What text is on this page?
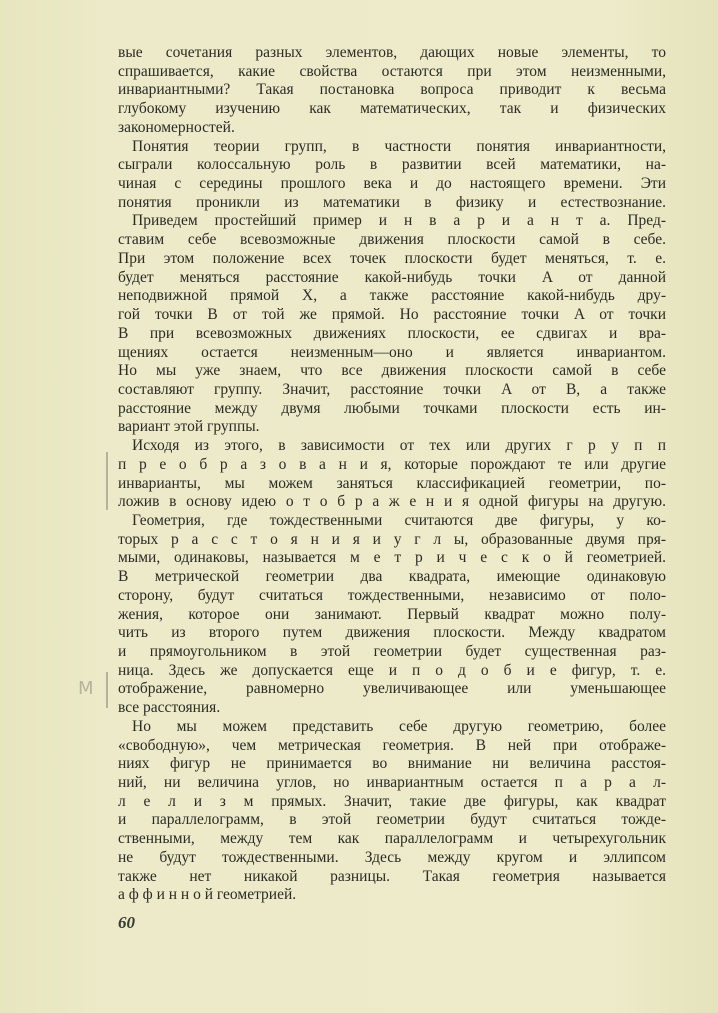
Μ
вые сочетания разных элементов, дающих новые элементы, то
спрашивается, какие свойства остаются при этом неизменными,
инвариантными? Такая постановка вопроса приводит к весьма
глубокому изучению как математических, так и физических
закономерностей.
Понятия теории групп, в частности понятия инвариантности,
сыграли колоссальную роль в развитии всей математики, на-
чиная с середины прошлого века и до настоящего времени. Эти
понятия проникли из математики в физику и естествознание.
Приведем простейший пример и н в а р и а н т а. Пред-
ставим себе всевозможные движения плоскости самой в себе.
При этом положение всех точек плоскости будет меняться, т. е.
будет меняться расстояние какой-нибудь точки A от данной
неподвижной прямой X, а также расстояние какой-нибудь дру-
гой точки B от той же прямой. Но расстояние точки A от точки
B при всевозможных движениях плоскости, ее сдвигах и вра-
щениях остается неизменным—оно и является инвариантом.
Но мы уже знаем, что все движения плоскости самой в себе
составляют группу. Значит, расстояние точки A от B, а также
расстояние между двумя любыми точками плоскости есть ин-
вариант этой группы.
Исходя из этого, в зависимости от тех или других г р у п п
п р е о б р а з о в а н и я, которые порождают те или другие
инварианты, мы можем заняться классификацией геометрии, по-
ложив в основу идею о т о б р а ж е н и я одной фигуры на другую.
Геометрия, где тождественными считаются две фигуры, у ко-
торых р а с с т о я н и я и у г л ы, образованные двумя пря-
мыми, одинаковы, называется м е т р и ч е с к о й геометрией.
В метрической геометрии два квадрата, имеющие одинаковую
сторону, будут считаться тождественными, независимо от поло-
жения, которое они занимают. Первый квадрат можно полу-
чить из второго путем движения плоскости. Между квадратом
и прямоугольником в этой геометрии будет существенная раз-
ница. Здесь же допускается еще и п о д о б и е фигур, т. е.
отображение, равномерно увеличивающее или уменьшающее
все расстояния.
Но мы можем представить себе другую геометрию, более
«свободную», чем метрическая геометрия. В ней при отображе-
ниях фигур не принимается во внимание ни величина расстоя-
ний, ни величина углов, но инвариантным остается п а р а л-
л е л и з м прямых. Значит, такие две фигуры, как квадрат
и параллелограмм, в этой геометрии будут считаться тожде-
ственными, между тем как параллелограмм и четырехугольник
не будут тождественными. Здесь между кругом и эллипсом
также нет никакой разницы. Такая геометрия называется
а ф ф и н н о й геометрией.
60
